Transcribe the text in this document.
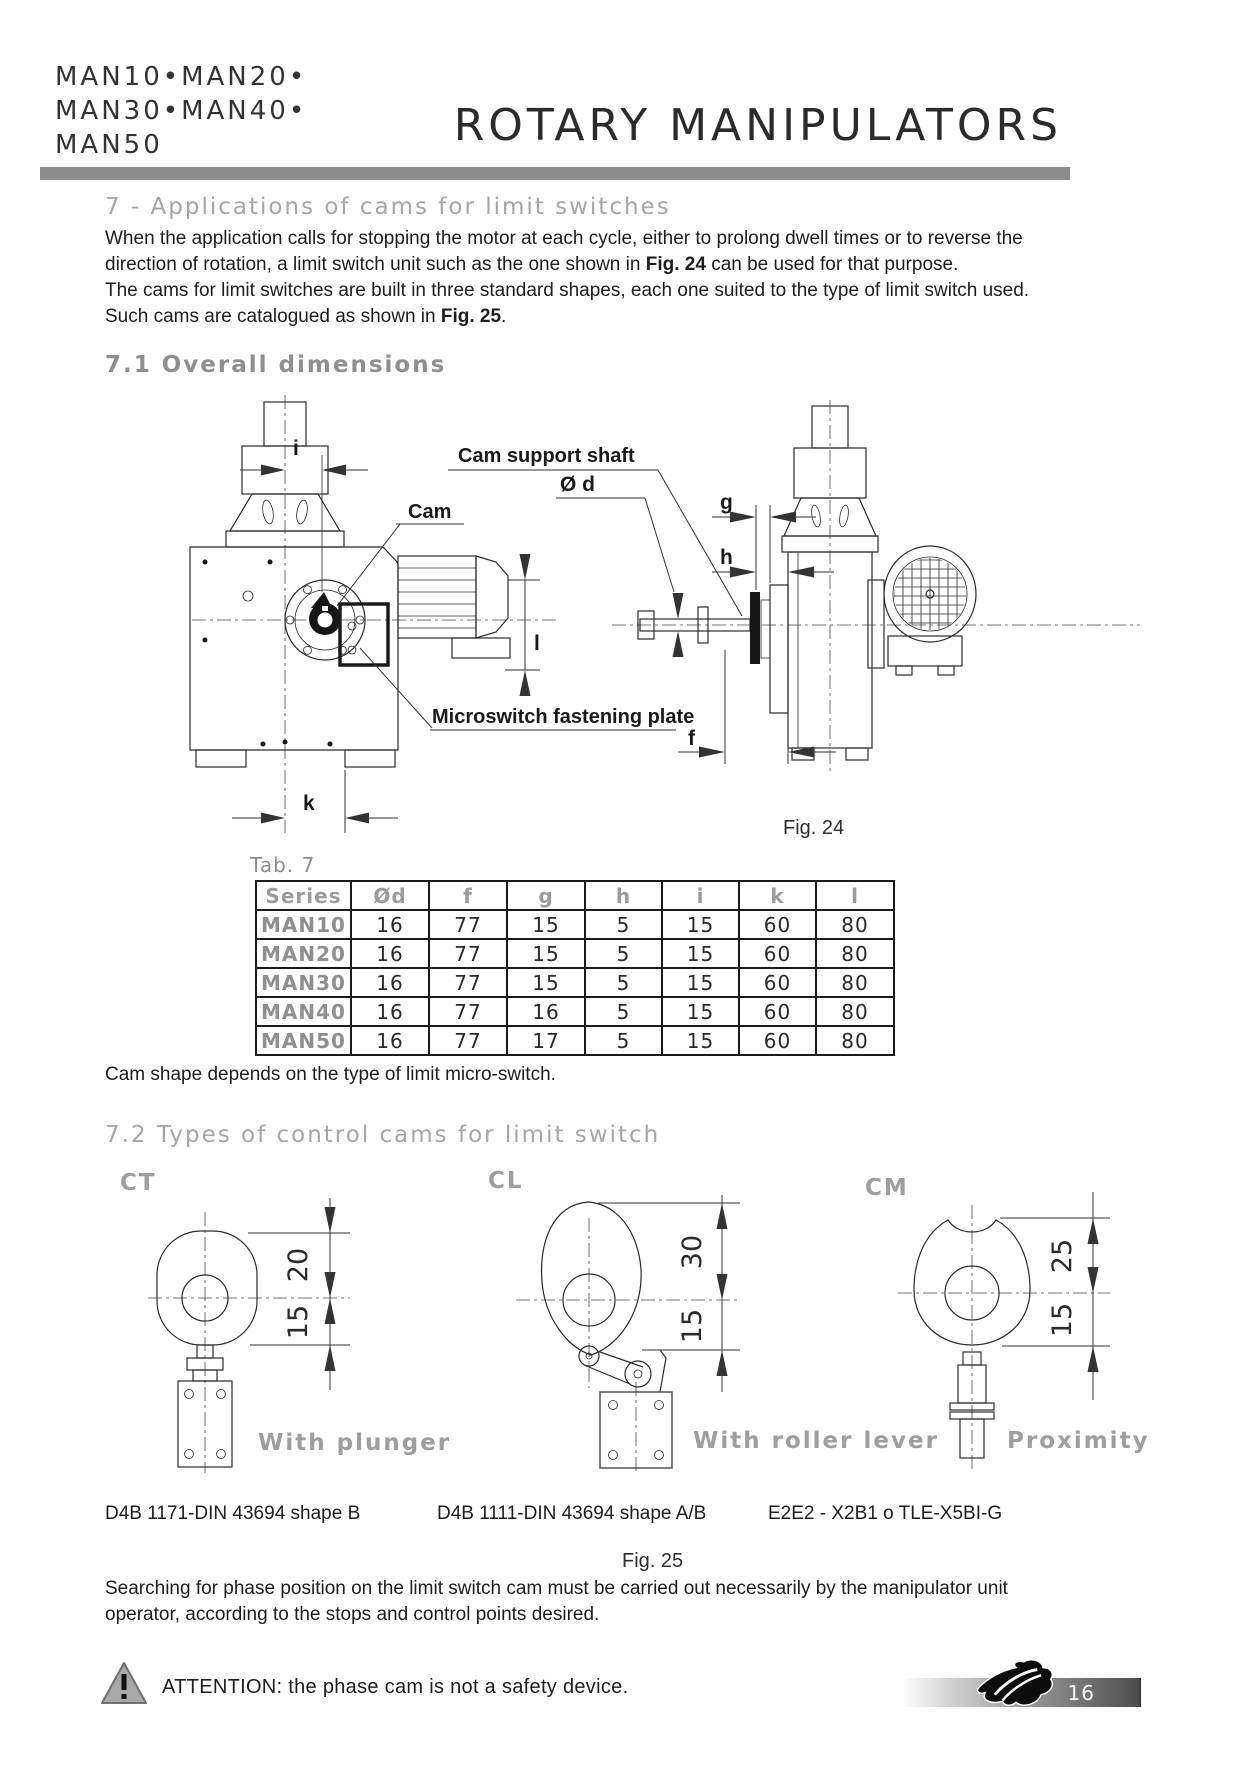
MAN10•MAN20•
MAN30•MAN40•
MAN50	ROTARY MANIPULATORS
7 - Applications of cams for limit switches
When the application calls for stopping the motor at each cycle, either to prolong dwell times or to reverse the direction of rotation, a limit switch unit such as the one shown in Fig. 24 can be used for that purpose.
The cams for limit switches are built in three standard shapes, each one suited to the type of limit switch used.
Such cams are catalogued as shown in Fig. 25.
7.1 Overall dimensions
i
l
k
g
h
Ø d
f
Cam support shaft
Cam
Microswitch fastening plate
Fig. 24
Tab. 7
Series	Ød	f	g	h	i	k	l
MAN10	16	77	15	5	15	60	80
MAN20	16	77	15	5	15	60	80
MAN30	16	77	15	5	15	60	80
MAN40	16	77	16	5	15	60	80
MAN50	16	77	17	5	15	60	80
Cam shape depends on the type of limit micro-switch.
7.2 Types of control cams for limit switch
20
15
30
15
25
15
CT	CL	CM
With plunger	With roller lever	Proximity
D4B 1171-DIN 43694 shape B	D4B 1111-DIN 43694 shape A/B	E2E2 - X2B1 o TLE-X5BI-G
Fig. 25
Searching for phase position on the limit switch cam must be carried out necessarily by the manipulator unit operator, according to the stops and control points desired.
ATTENTION: the phase cam is not a safety device.	16
